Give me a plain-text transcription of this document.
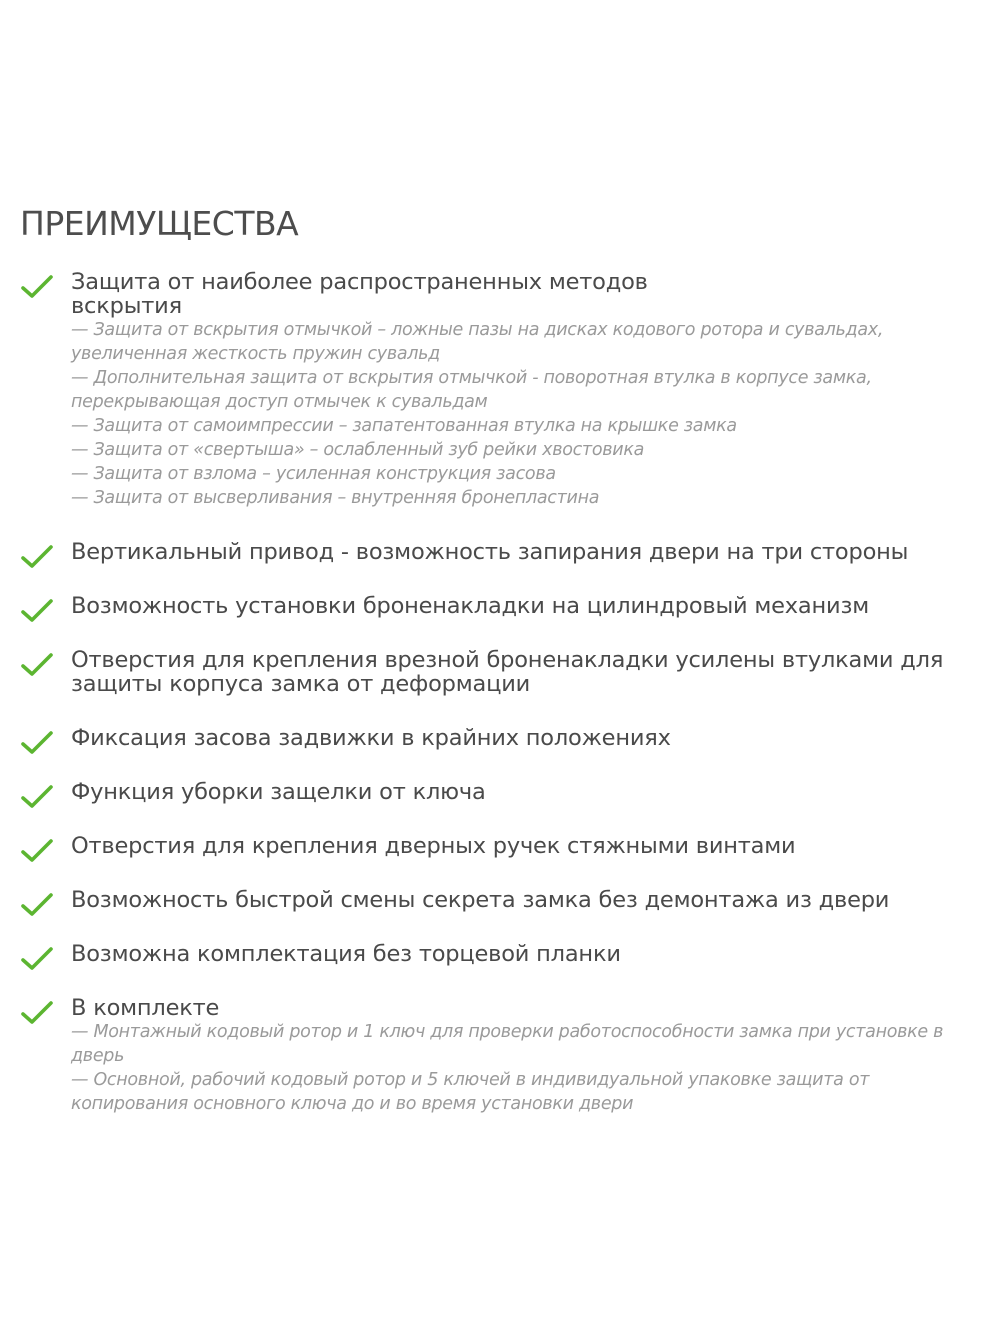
ПРЕИМУЩЕСТВА
Защита от наиболее распространенных методов
вскрытия
— Защита от вскрытия отмычкой – ложные пазы на дисках кодового ротора и сувальдах,
увеличенная жесткость пружин сувальд
— Дополнительная защита от вскрытия отмычкой - поворотная втулка в корпусе замка,
перекрывающая доступ отмычек к сувальдам
— Защита от самоимпрессии – запатентованная втулка на крышке замка
— Защита от «свертыша» – ослабленный зуб рейки хвостовика
— Защита от взлома – усиленная конструкция засова
— Защита от высверливания – внутренняя бронепластина
Вертикальный привод - возможность запирания двери на три стороны
Возможность установки броненакладки на цилиндровый механизм
Отверстия для крепления врезной броненакладки усилены втулками для
защиты корпуса замка от деформации
Фиксация засова задвижки в крайних положениях
Функция уборки защелки от ключа
Отверстия для крепления дверных ручек стяжными винтами
Возможность быстрой смены секрета замка без демонтажа из двери
Возможна комплектация без торцевой планки
В комплекте
— Монтажный кодовый ротор и 1 ключ для проверки работоспособности замка при установке в
дверь
— Основной, рабочий кодовый ротор и 5 ключей в индивидуальной упаковке защита от
копирования основного ключа до и во время установки двери
